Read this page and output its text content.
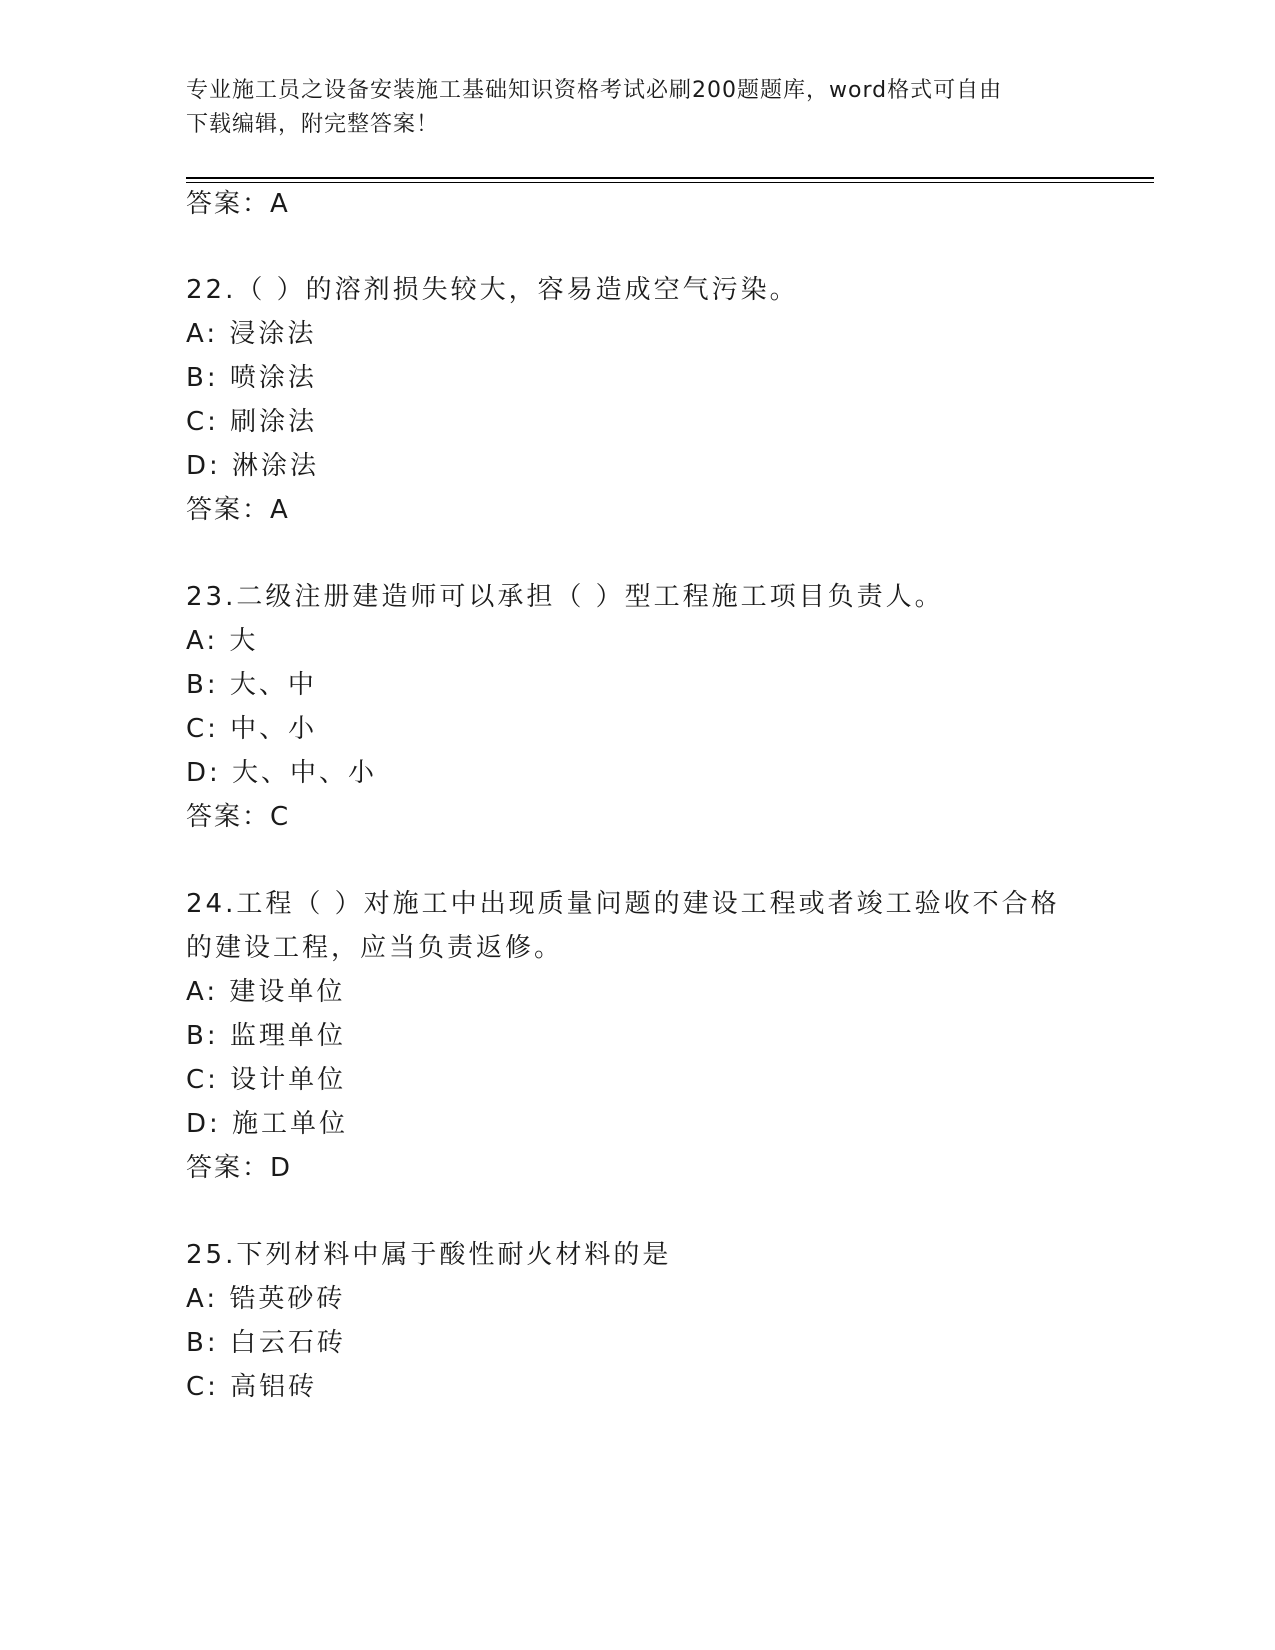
专业施工员之设备安装施工基础知识资格考试必刷200题题库，word格式可自由
下载编辑，附完整答案！
答案：A
22.（ ）的溶剂损失较大，容易造成空气污染。
A: 浸涂法
B: 喷涂法
C: 刷涂法
D: 淋涂法
答案：A
23.二级注册建造师可以承担（ ）型工程施工项目负责人。
A: 大
B: 大、中
C: 中、小
D: 大、中、小
答案：C
24.工程（ ）对施工中出现质量问题的建设工程或者竣工验收不合格
的建设工程，应当负责返修。
A: 建设单位
B: 监理单位
C: 设计单位
D: 施工单位
答案：D
25.下列材料中属于酸性耐火材料的是
A: 锆英砂砖
B: 白云石砖
C: 高铝砖
